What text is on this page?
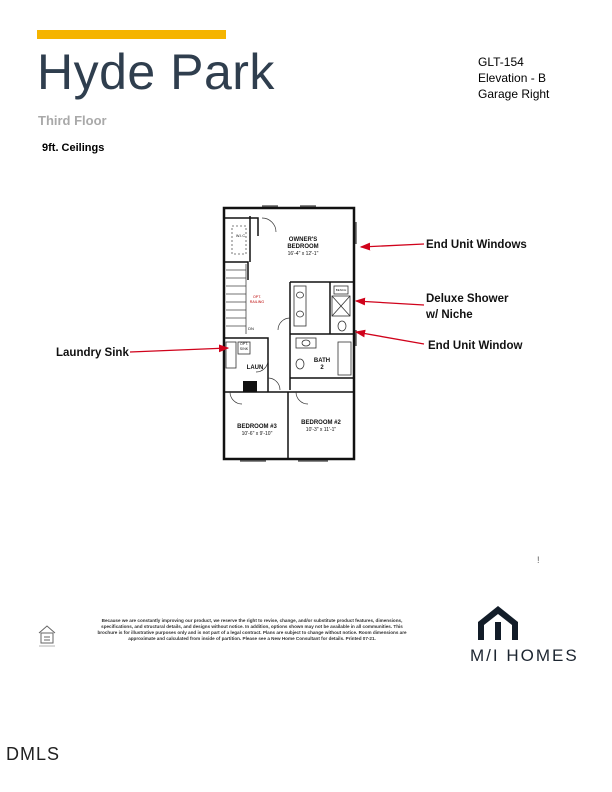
Hyde Park
Third Floor
9ft. Ceilings
GLT-154
Elevation - B
Garage Right
W.I.C.
OWNER'S
BEDROOM
16'-4" x 12'-1"
BENCH
OPT.
RAILING
DN
OPT.
SINK
LAUN
BATH
2
BEDROOM #3
10'-6" x 9'-10"
BEDROOM #2
10'-3" x 11'-1"
End Unit Windows
Deluxe Shower
w/ Niche
End Unit Window
Laundry Sink
Because we are constantly improving our product, we reserve the right to revise, change, and/or substitute product features, dimensions, specifications, and structural details, and designs without notice. In addition, options shown may not be available in all communities. This brochure is for illustrative purposes only and is not part of a legal contract. Plans are subject to change without notice. Room dimensions are approximate and calculated from inside of partition. Please see a New Home Consultant for details. Printed 07-21.
M/I HOMES
DMLS
!
